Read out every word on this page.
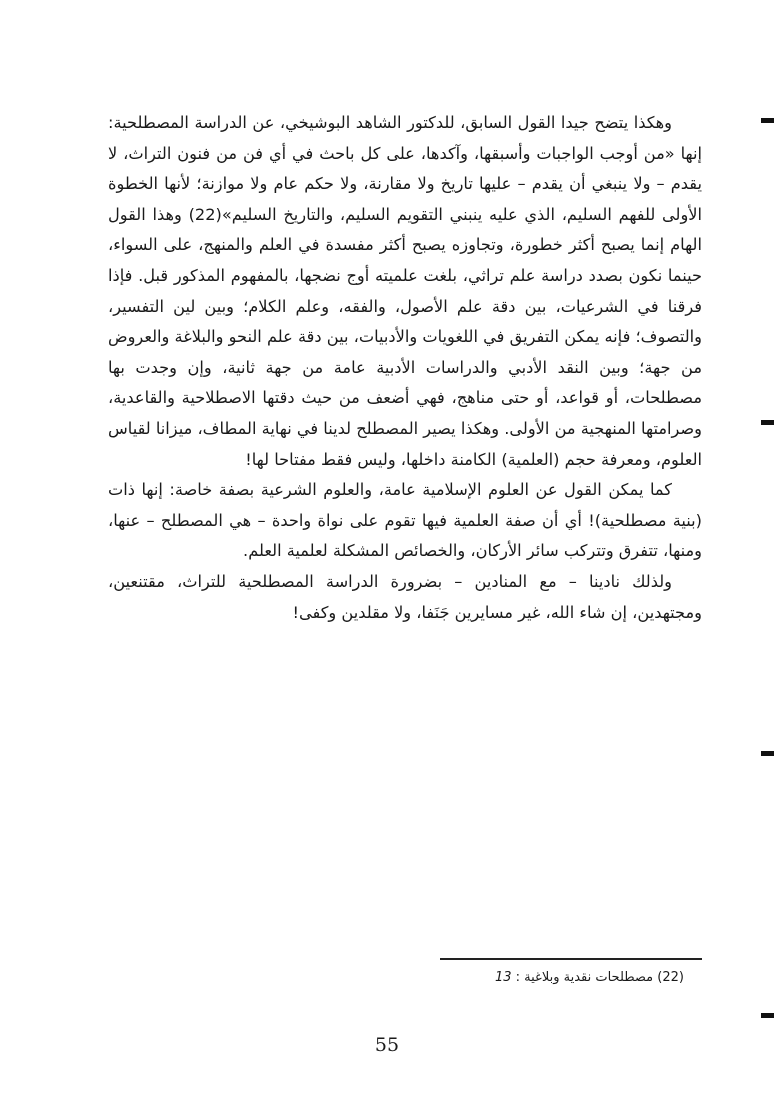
وهكذا يتضح جيدا القول السابق، للدكتور الشاهد البوشيخي، عن الدراسة المصطلحية: إنها «من أوجب الواجبات وأسبقها، وآكدها، على كل باحث في أي فن من فنون التراث، لا يقدم – ولا ينبغي أن يقدم – عليها تاريخ ولا مقارنة، ولا حكم عام ولا موازنة؛ لأنها الخطوة الأولى للفهم السليم، الذي عليه ينبني التقويم السليم، والتاريخ السليم»(22) وهذا القول الهام إنما يصبح أكثر خطورة، وتجاوزه يصبح أكثر مفسدة في العلم والمنهج، على السواء، حينما نكون بصدد دراسة علم تراثي، بلغت علميته أوج نضجها، بالمفهوم المذكور قبل. فإذا فرقنا في الشرعيات، بين دقة علم الأصول، والفقه، وعلم الكلام؛ وبين لين التفسير، والتصوف؛ فإنه يمكن التفريق في اللغويات والأدبيات، بين دقة علم النحو والبلاغة والعروض من جهة؛ وبين النقد الأدبي والدراسات الأدبية عامة من جهة ثانية، وإن وجدت بها مصطلحات، أو قواعد، أو حتى مناهج، فهي أضعف من حيث دقتها الاصطلاحية والقاعدية، وصرامتها المنهجية من الأولى. وهكذا يصير المصطلح لدينا في نهاية المطاف، ميزانا لقياس العلوم، ومعرفة حجم (العلمية) الكامنة داخلها، وليس فقط مفتاحا لها!

كما يمكن القول عن العلوم الإسلامية عامة، والعلوم الشرعية بصفة خاصة: إنها ذات (بنية مصطلحية)! أي أن صفة العلمية فيها تقوم على نواة واحدة – هي المصطلح – عنها، ومنها، تتفرق وتتركب سائر الأركان، والخصائص المشكلة لعلمية العلم.

ولذلك نادينا – مع المنادين – بضرورة الدراسة المصطلحية للتراث، مقتنعين، ومجتهدين، إن شاء الله، غير مسايرين جَنَفا، ولا مقلدين وكفى!

(22) مصطلحات نقدية وبلاغية : 13
55
